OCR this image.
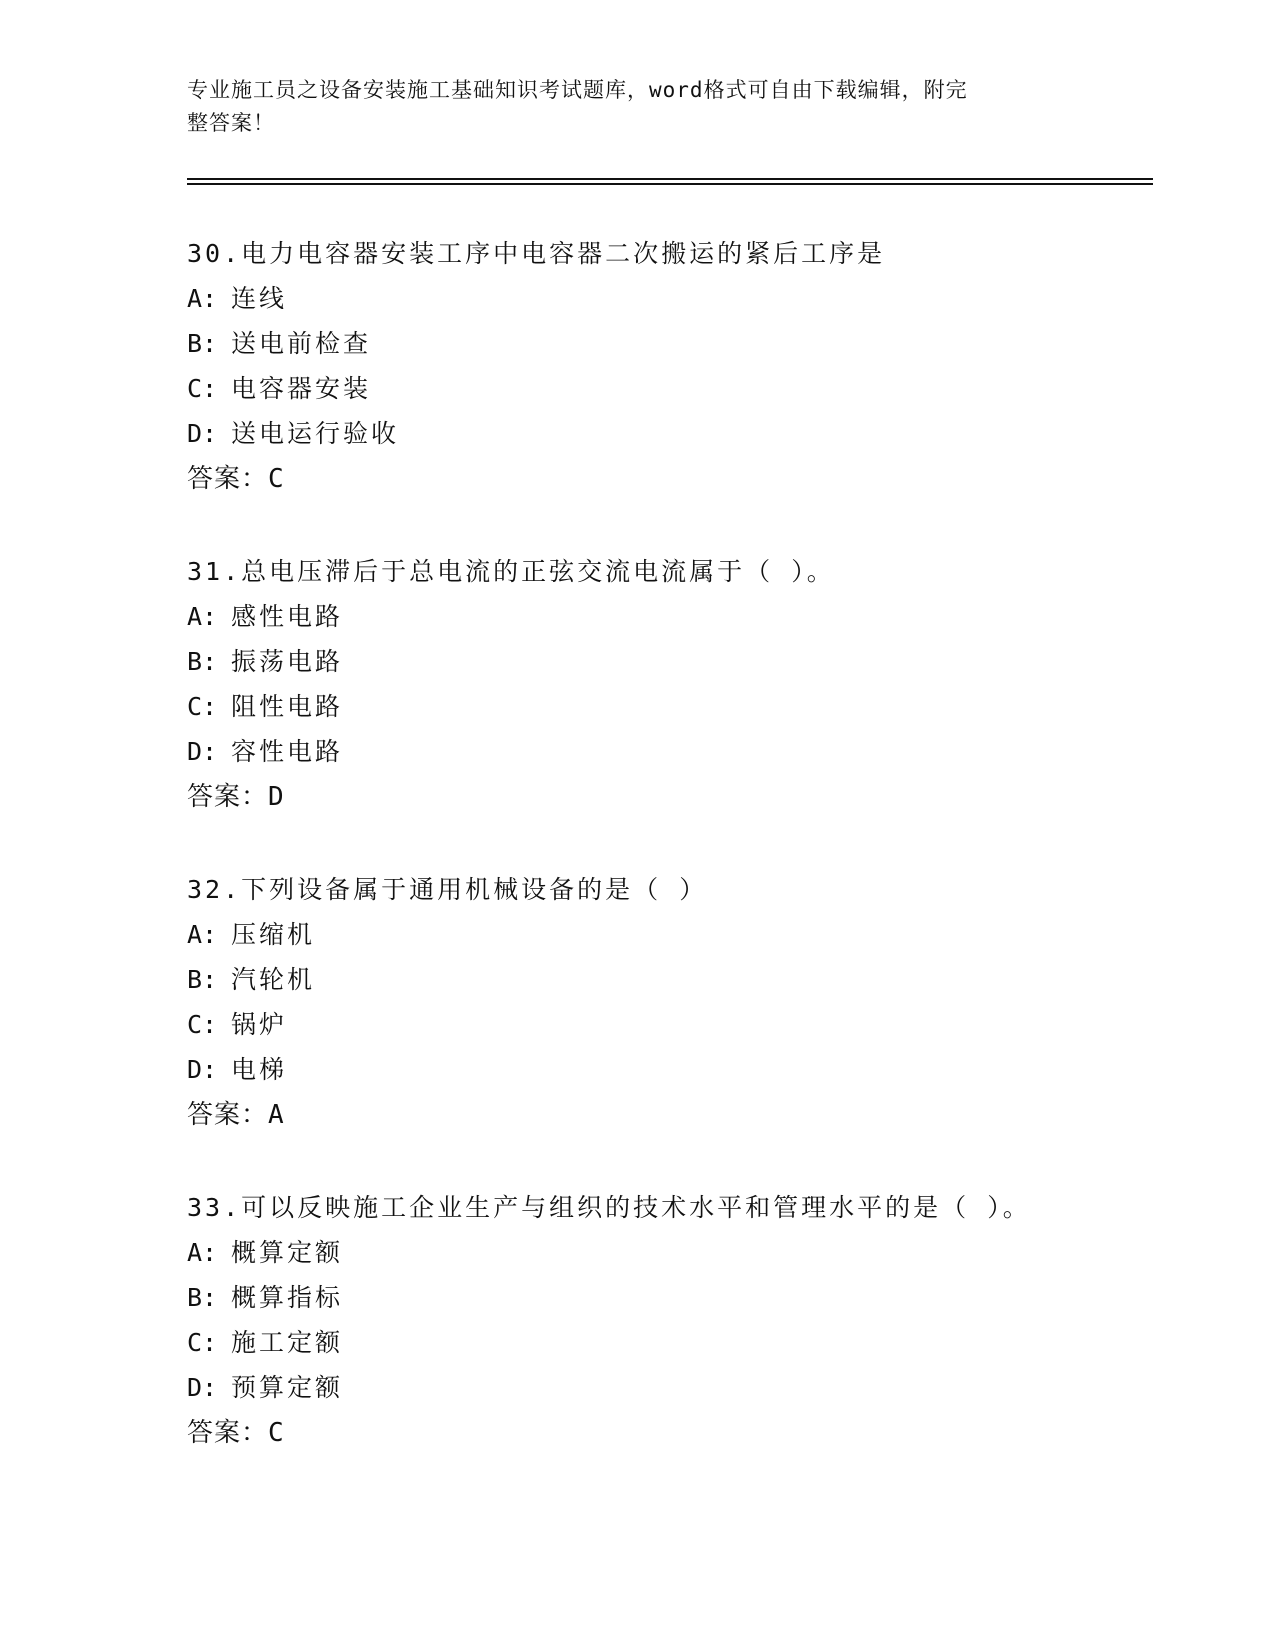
专业施工员之设备安装施工基础知识考试题库，word格式可自由下载编辑，附完
整答案！
30.电力电容器安装工序中电容器二次搬运的紧后工序是
A: 连线
B: 送电前检查
C: 电容器安装
D: 送电运行验收
答案：C
31.总电压滞后于总电流的正弦交流电流属于（ ）。
A: 感性电路
B: 振荡电路
C: 阻性电路
D: 容性电路
答案：D
32.下列设备属于通用机械设备的是（ ）
A: 压缩机
B: 汽轮机
C: 锅炉
D: 电梯
答案：A
33.可以反映施工企业生产与组织的技术水平和管理水平的是（ ）。
A: 概算定额
B: 概算指标
C: 施工定额
D: 预算定额
答案：C
